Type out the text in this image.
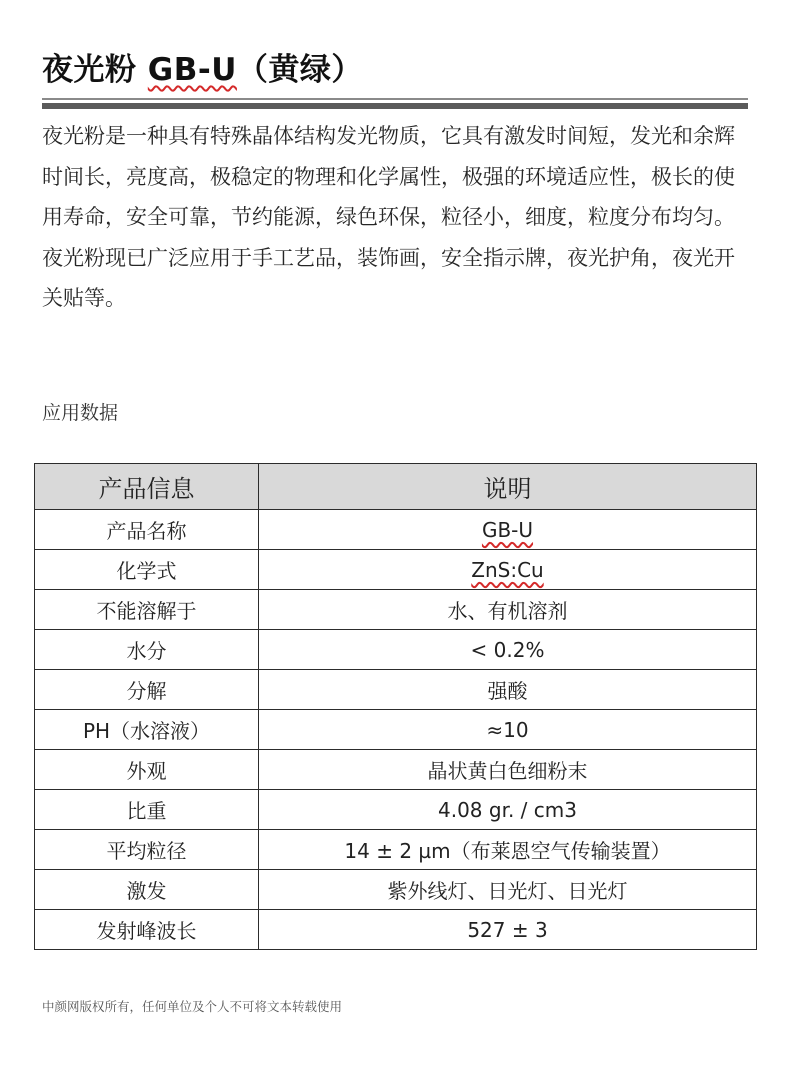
夜光粉 GB-U（黄绿）

夜光粉是一种具有特殊晶体结构发光物质，它具有激发时间短，发光和余辉时间长，亮度高，极稳定的物理和化学属性，极强的环境适应性，极长的使用寿命，安全可靠，节约能源，绿色环保，粒径小，细度，粒度分布均匀。

夜光粉现已广泛应用于手工艺品，装饰画，安全指示牌，夜光护角，夜光开关贴等。

应用数据
产品信息	说明
产品名称	GB-U
化学式	ZnS:Cu
不能溶解于	水、有机溶剂
水分	< 0.2%
分解	强酸
PH（水溶液）	≈10
外观	晶状黄白色细粉末
比重	4.08 gr. / cm3
平均粒径	14 ± 2 µm（布莱恩空气传输装置）
激发	紫外线灯、日光灯、日光灯
发射峰波长	527 ± 3
中颜网版权所有，任何单位及个人不可将文本转载使用
